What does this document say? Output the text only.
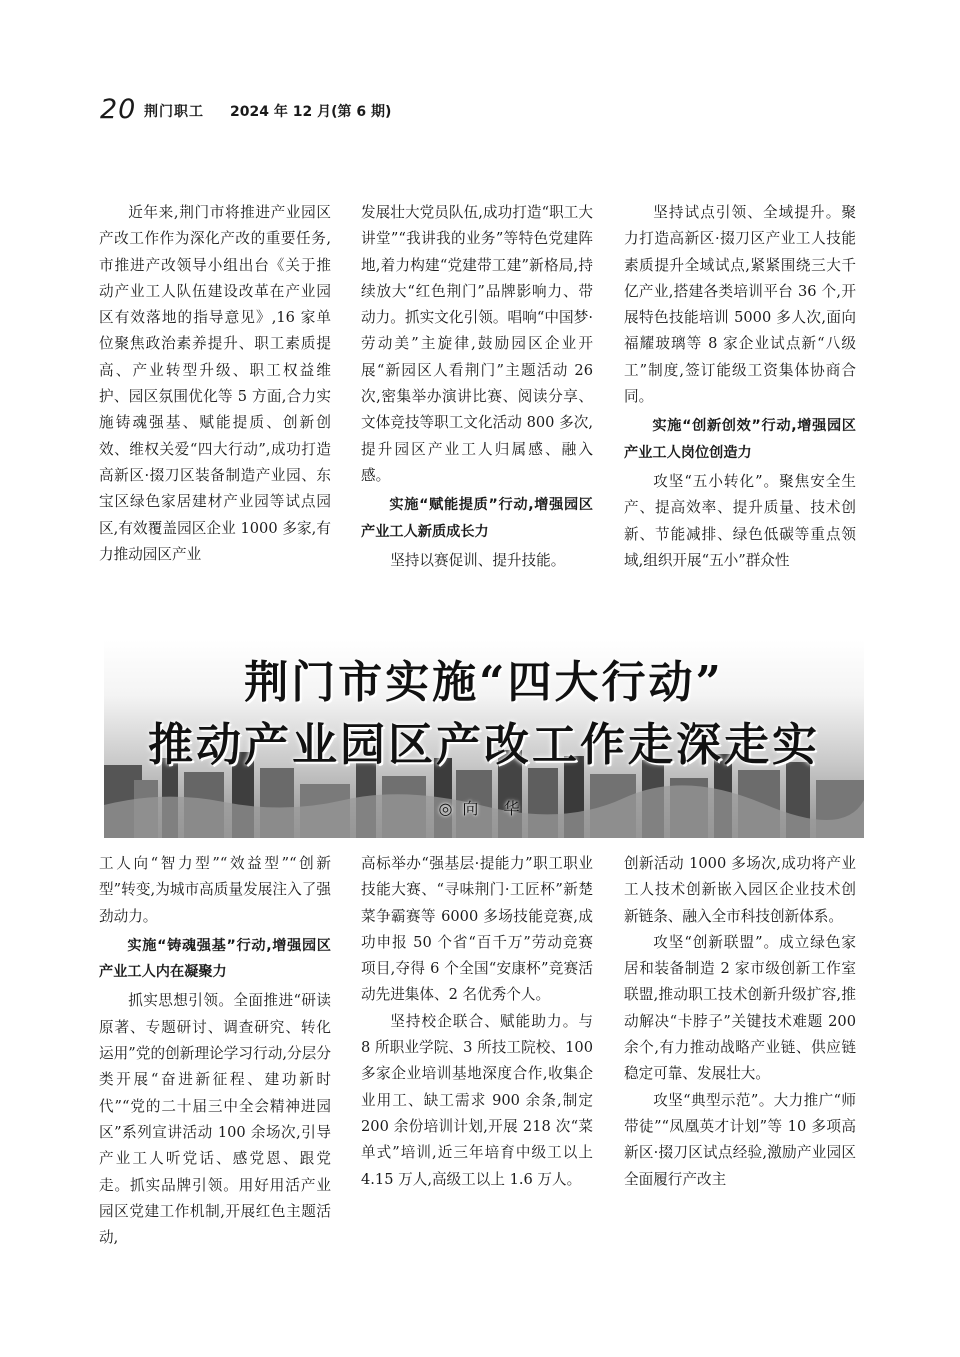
20 荆门职工 2024 年 12 月(第 6 期)

近年来,荆门市将推进产业园区产改工作作为深化产改的重要任务,市推进产改领导小组出台《关于推动产业工人队伍建设改革在产业园区有效落地的指导意见》,16 家单位聚焦政治素养提升、职工素质提高、产业转型升级、职工权益维护、园区氛围优化等 5 方面,合力实施铸魂强基、赋能提质、创新创效、维权关爱“四大行动”,成功打造高新区·掇刀区装备制造产业园、东宝区绿色家居建材产业园等试点园区,有效覆盖园区企业 1000 多家,有力推动园区产业

发展壮大党员队伍,成功打造“职工大讲堂”“我讲我的业务”等特色党建阵地,着力构建“党建带工建”新格局,持续放大“红色荆门”品牌影响力、带动力。抓实文化引领。唱响“中国梦·劳动美”主旋律,鼓励园区企业开展“新园区人看荆门”主题活动 26 次,密集举办演讲比赛、阅读分享、文体竞技等职工文化活动 800 多次,提升园区产业工人归属感、融入感。

实施“赋能提质”行动,增强园区产业工人新质成长力

坚持以赛促训、提升技能。

坚持试点引领、全域提升。聚力打造高新区·掇刀区产业工人技能素质提升全域试点,紧紧围绕三大千亿产业,搭建各类培训平台 36 个,开展特色技能培训 5000 多人次,面向福耀玻璃等 8 家企业试点新“八级工”制度,签订能级工资集体协商合同。

实施“创新创效”行动,增强园区产业工人岗位创造力

攻坚“五小转化”。聚焦安全生产、提高效率、提升质量、技术创新、节能减排、绿色低碳等重点领域,组织开展“五小”群众性

荆门市实施“四大行动”
推动产业园区产改工作走深走实
◎向 华

工人向“智力型”“效益型”“创新型”转变,为城市高质量发展注入了强劲动力。

实施“铸魂强基”行动,增强园区产业工人内在凝聚力

抓实思想引领。全面推进“研读原著、专题研讨、调查研究、转化运用”党的创新理论学习行动,分层分类开展“奋进新征程、建功新时代”“党的二十届三中全会精神进园区”系列宣讲活动 100 余场次,引导产业工人听党话、感党恩、跟党走。抓实品牌引领。用好用活产业园区党建工作机制,开展红色主题活动,

高标举办“强基层·提能力”职工职业技能大赛、“寻味荆门·工匠杯”新楚菜争霸赛等 6000 多场技能竞赛,成功申报 50 个省“百千万”劳动竞赛项目,夺得 6 个全国“安康杯”竞赛活动先进集体、2 名优秀个人。

坚持校企联合、赋能助力。与 8 所职业学院、3 所技工院校、100 多家企业培训基地深度合作,收集企业用工、缺工需求 900 余条,制定 200 余份培训计划,开展 218 次“菜单式”培训,近三年培育中级工以上 4.15 万人,高级工以上 1.6 万人。

创新活动 1000 多场次,成功将产业工人技术创新嵌入园区企业技术创新链条、融入全市科技创新体系。

攻坚“创新联盟”。成立绿色家居和装备制造 2 家市级创新工作室联盟,推动职工技术创新升级扩容,推动解决“卡脖子”关键技术难题 200 余个,有力推动战略产业链、供应链稳定可靠、发展壮大。

攻坚“典型示范”。大力推广“师带徒”“凤凰英才计划”等 10 多项高新区·掇刀区试点经验,激励产业园区全面履行产改主
